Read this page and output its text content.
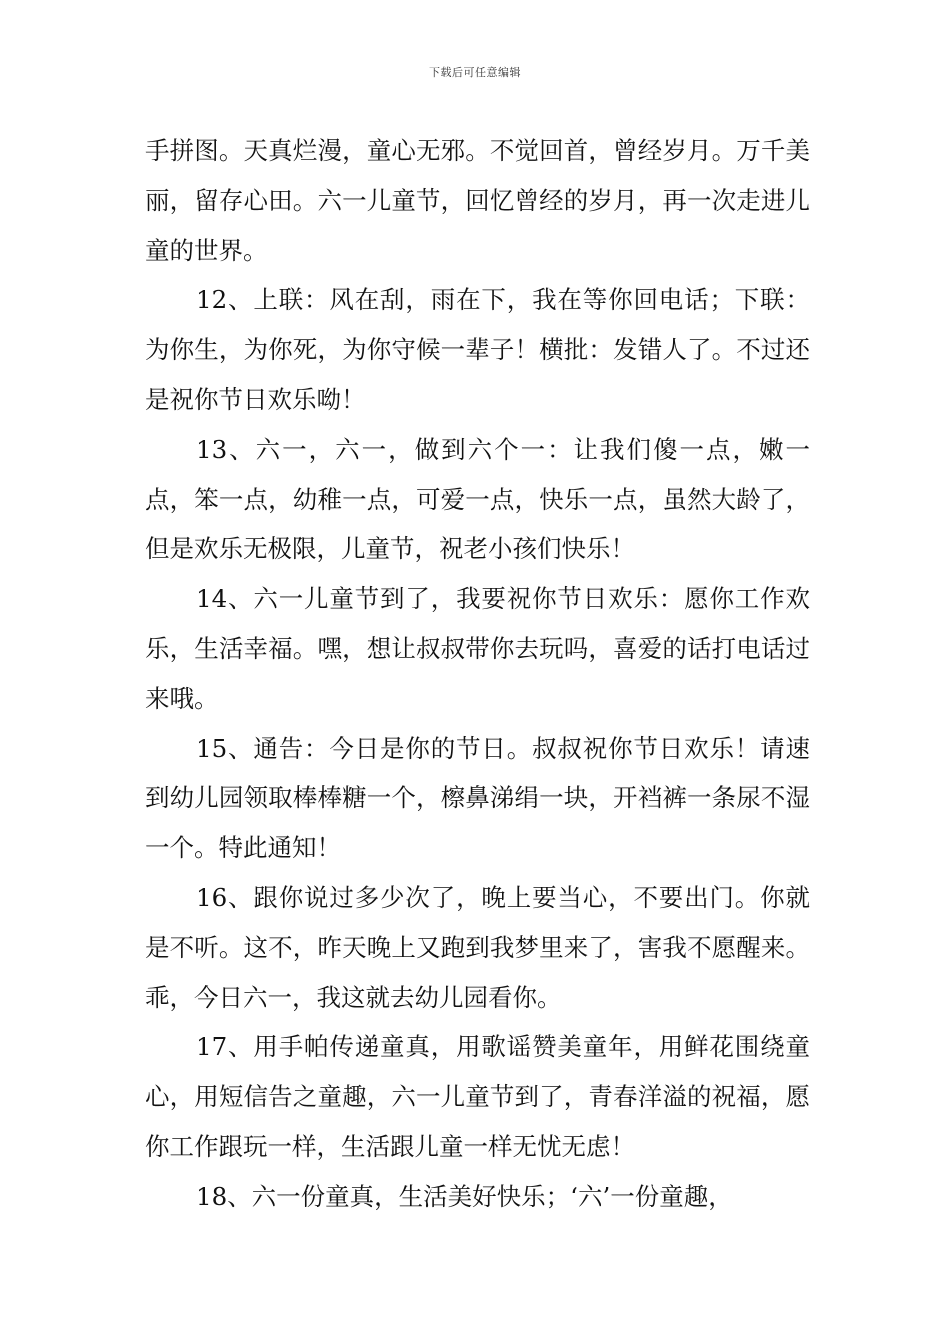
下载后可任意编辑

手拼图。天真烂漫，童心无邪。不觉回首，曾经岁月。万千美丽，留存心田。六一儿童节，回忆曾经的岁月，再一次走进儿童的世界。

12、上联：风在刮，雨在下，我在等你回电话；下联：为你生，为你死，为你守候一辈子！横批：发错人了。不过还是祝你节日欢乐呦！

13、六一，六一，做到六个一：让我们傻一点，嫩一点，笨一点，幼稚一点，可爱一点，快乐一点，虽然大龄了，但是欢乐无极限，儿童节，祝老小孩们快乐！

14、六一儿童节到了，我要祝你节日欢乐：愿你工作欢乐，生活幸福。嘿，想让叔叔带你去玩吗，喜爱的话打电话过来哦。

15、通告：今日是你的节日。叔叔祝你节日欢乐！请速到幼儿园领取棒棒糖一个，檫鼻涕绢一块，开裆裤一条尿不湿一个。特此通知！

16、跟你说过多少次了，晚上要当心，不要出门。你就是不听。这不，昨天晚上又跑到我梦里来了，害我不愿醒来。乖，今日六一，我这就去幼儿园看你。

17、用手帕传递童真，用歌谣赞美童年，用鲜花围绕童心，用短信告之童趣，六一儿童节到了，青春洋溢的祝福，愿你工作跟玩一样，生活跟儿童一样无忧无虑！

18、六一份童真，生活美好快乐；‘六’一份童趣，
